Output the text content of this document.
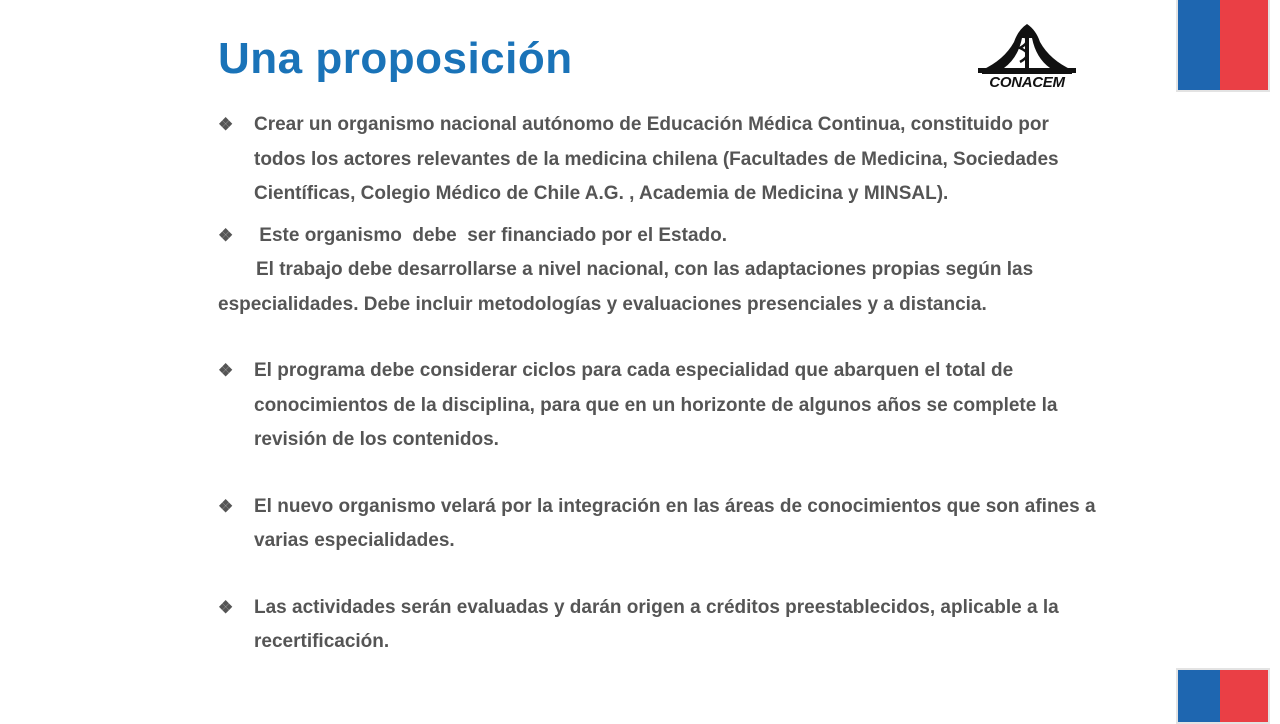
Una proposición	CONACEM
❖	Crear un organismo nacional autónomo de Educación Médica Continua, constituido por todos los actores relevantes de la medicina chilena (Facultades de Medicina, Sociedades Científicas, Colegio Médico de Chile A.G. , Academia de Medicina y MINSAL).
❖	Este organismo  debe  ser financiado por el Estado.

El trabajo debe desarrollarse a nivel nacional, con las adaptaciones propias según las especialidades. Debe incluir metodologías y evaluaciones presenciales y a distancia.

❖	El programa debe considerar ciclos para cada especialidad que abarquen el total de conocimientos de la disciplina, para que en un horizonte de algunos años se complete la revisión de los contenidos.
❖	El nuevo organismo velará por la integración en las áreas de conocimientos que son afines a varias especialidades.
❖	Las actividades serán evaluadas y darán origen a créditos preestablecidos, aplicable a la recertificación.
